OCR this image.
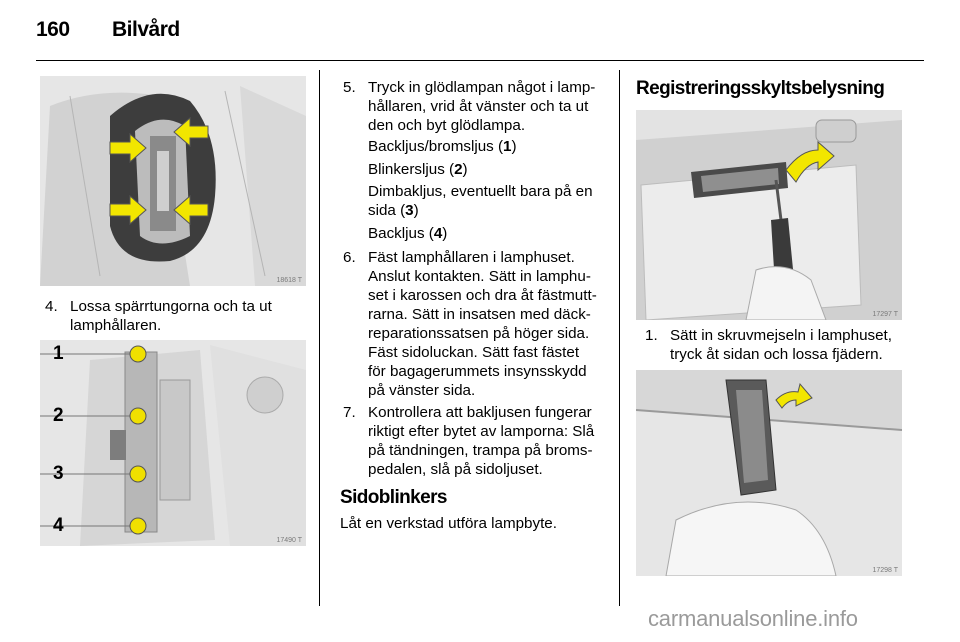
160 Bilvård
18618 T
4. Lossa spärrtungorna och ta ut
lamphållaren.
17490 T
1
2
3
4
5. Tryck in glödlampan något i lamp-
hållaren, vrid åt vänster och ta ut
den och byt glödlampa.
Backljus/bromsljus (1)
Blinkersljus (2)
Dimbakljus, eventuellt bara på en
sida (3)
Backljus (4)
6. Fäst lamphållaren i lamphuset.
Anslut kontakten. Sätt in lamphu-
set i karossen och dra åt fästmutt-
rarna. Sätt in insatsen med däck-
reparationssatsen på höger sida.
Fäst sidoluckan. Sätt fast fästet
för bagagerummets insynsskydd
på vänster sida.
7. Kontrollera att bakljusen fungerar
riktigt efter bytet av lamporna: Slå
på tändningen, trampa på broms-
pedalen, slå på sidoljuset.
Sidoblinkers
Låt en verkstad utföra lampbyte.
Registreringsskyltsbelysning
17297 T
1. Sätt in skruvmejseln i lamphuset,
tryck åt sidan och lossa fjädern.
17298 T
carmanualsonline.info
